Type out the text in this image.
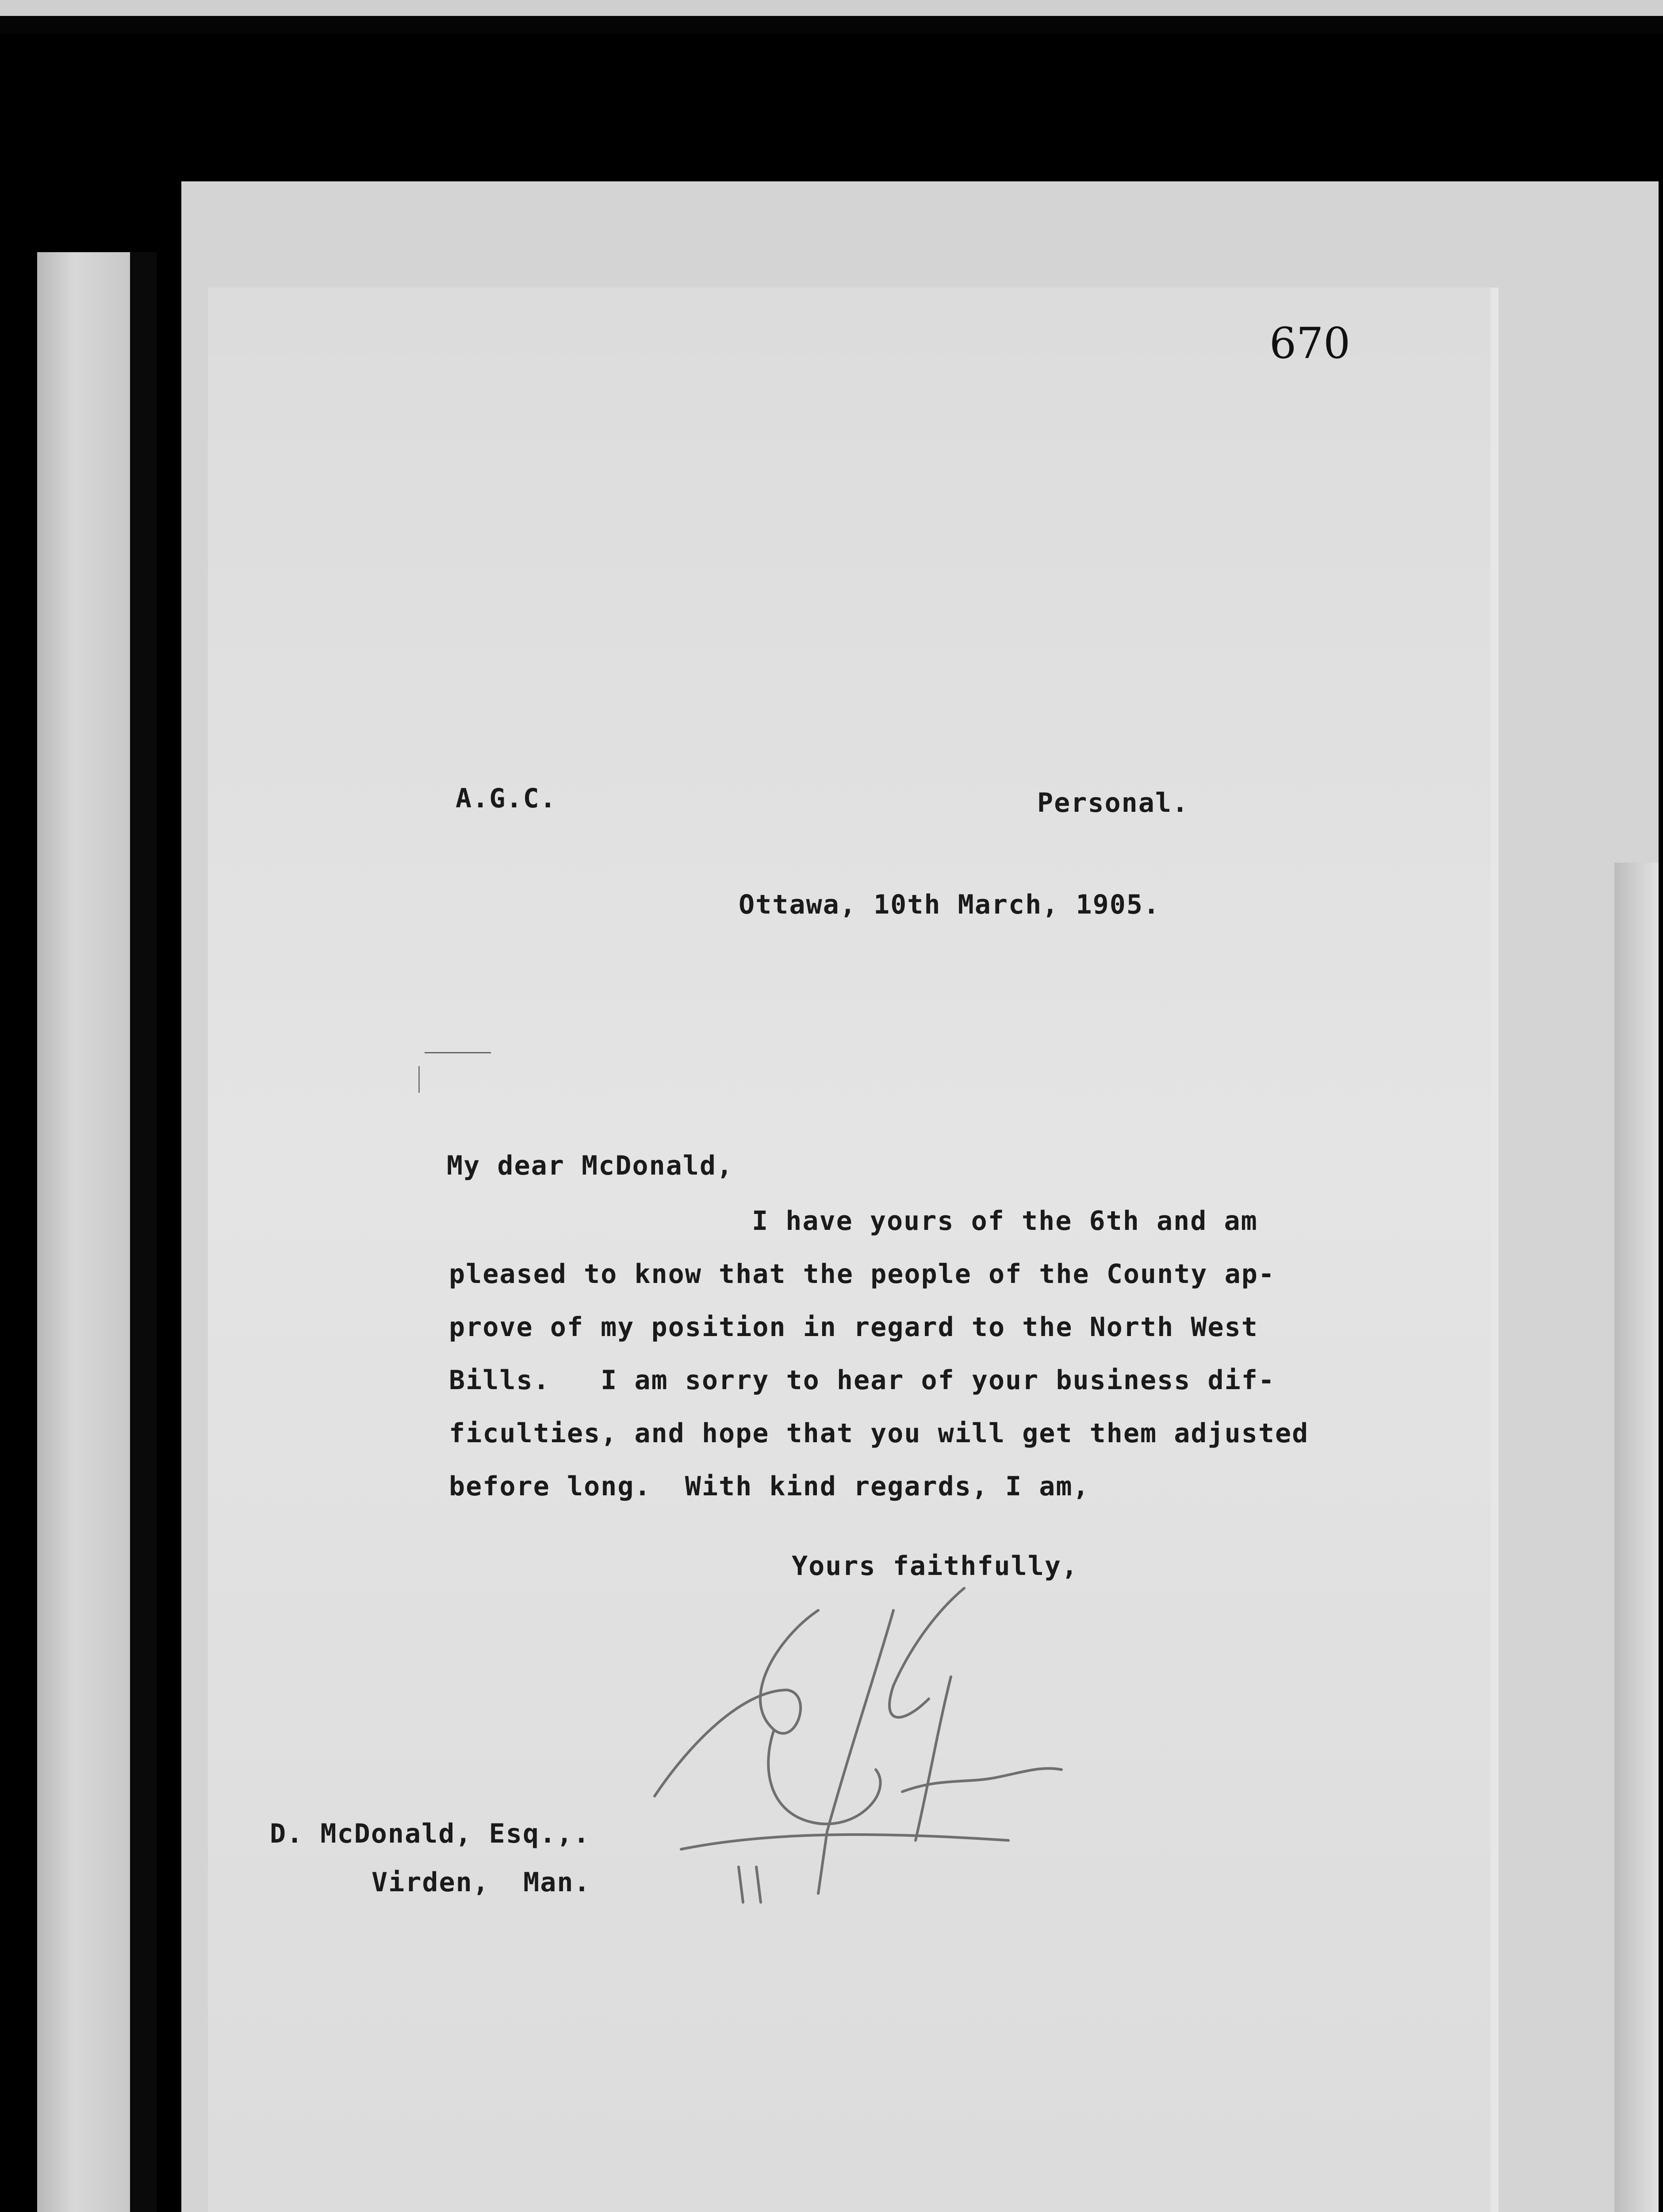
670
A.G.C.	Personal.
Ottawa, 10th March, 1905.
My dear McDonald,
I have yours of the 6th and am
pleased to know that the people of the County ap-
prove of my position in regard to the North West
Bills.   I am sorry to hear of your business dif-
ficulties, and hope that you will get them adjusted
before long.  With kind regards, I am,
Yours faithfully,
D. McDonald, Esq.,.
Virden,  Man.
